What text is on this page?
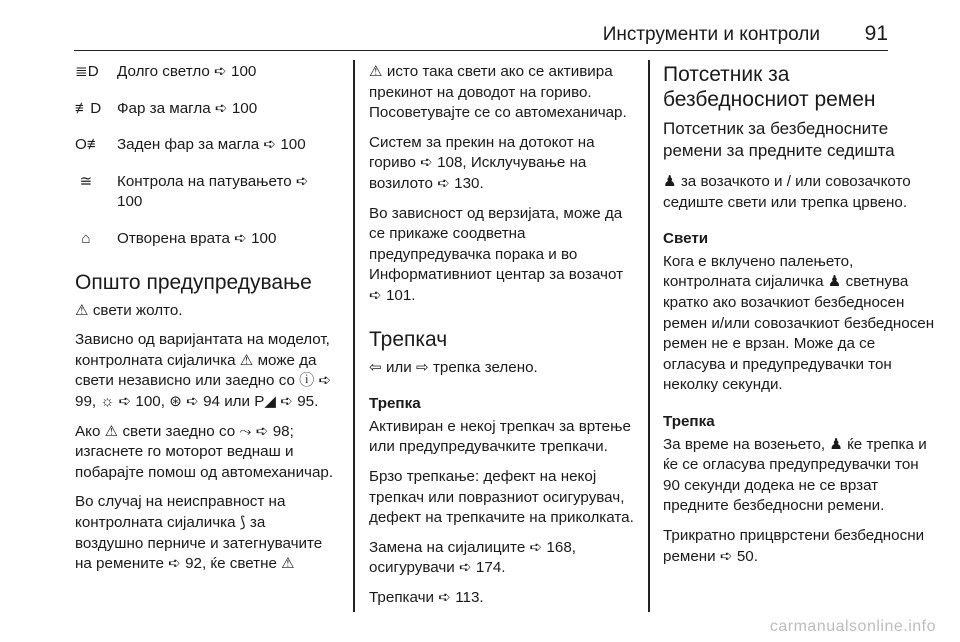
Инструменти и контроли 91
≣D Долго светло ➪ 100
≢D Фар за магла ➪ 100
O≢ Заден фар за магла ➪ 100
≅	Контрола на патувањето ➪ 100
⌂	Отворена врата ➪ 100
Општо предупредување

⚠ свети жолто.

Зависно од варијантата на моделот, контролната сијаличка ⚠ може да свети независно или заедно со ⓘ ➪ 99, ☼ ➪ 100, ⊛ ➪ 94 или P◢ ➪ 95.

Ако ⚠ свети заедно со ⤳ ➪ 98; изгаснете го моторот веднаш и побарајте помош од автомеханичар.

Во случај на неисправност на контролната сијаличка ⟆ за воздушно перниче и затегнувачите на ремените ➪ 92, ќе светне ⚠

⚠ исто така свети ако се активира прекинот на доводот на гориво. Посоветувајте се со автомеханичар.

Систем за прекин на дотокот на гориво ➪ 108, Исклучување на возилото ➪ 130.

Во зависност од верзијата, може да се прикаже соодветна предупредувачка порака и во Информативниот центар за возачот ➪ 101.

Трепкач

⇦ или ⇨ трепка зелено.

Трепка

Активиран е некој трепкач за вртење или предупредувачките трепкачи.

Брзо трепкање: дефект на некој трепкач или повразниот осигурувач, дефект на трепкачите на приколката.

Замена на сијалиците ➪ 168, осигурувачи ➪ 174.

Трепкачи ➪ 113.

Потсетник за безбедносниот ремен
Потсетник за безбедносните ремени за предните седишта

♟ за возачкото и / или совозачкото седиште свети или трепка црвено.

Свети

Кога е вклучено палењето, контролната сијаличка ♟ светнува кратко ако возачкиот безбедносен ремен и/или совозачкиот безбедносен ремен не е врзан. Може да се огласува и предупредувачки тон неколку секунди.

Трепка

За време на возењето, ♟ ќе трепка и ќе се огласува предупредувачки тон 90 секунди додека не се врзат предните безбедносни ремени.

Трикратно прицврстени безбедносни ремени ➪ 50.

carmanualsonline.info
